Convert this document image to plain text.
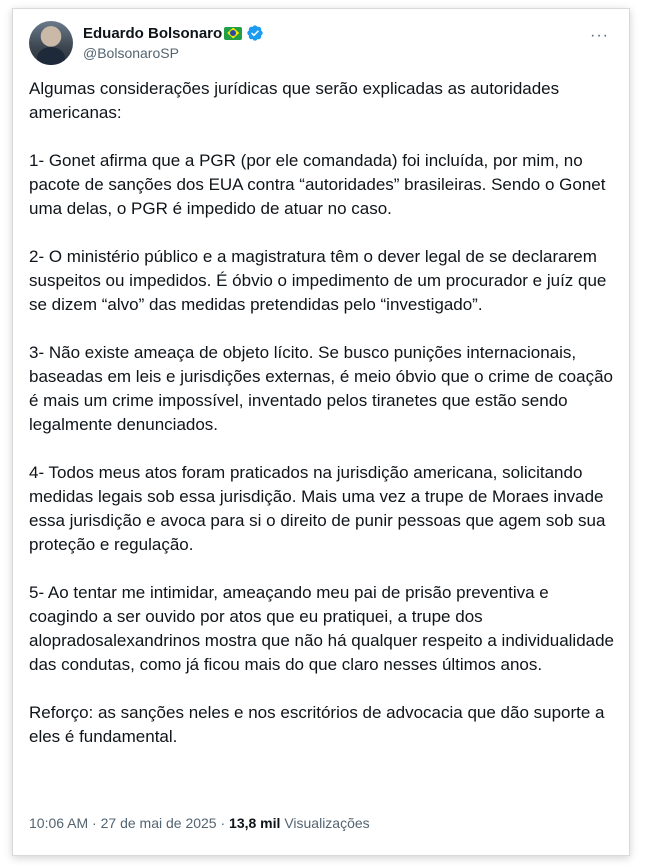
Eduardo Bolsonaro
@BolsonaroSP
···

Algumas considerações jurídicas que serão explicadas as autoridades americanas:

1- Gonet afirma que a PGR (por ele comandada) foi incluída, por mim, no pacote de sanções dos EUA contra “autoridades” brasileiras. Sendo o Gonet uma delas, o PGR é impedido de atuar no caso.

2- O ministério público e a magistratura têm o dever legal de se declararem suspeitos ou impedidos. É óbvio o impedimento de um procurador e juíz que se dizem “alvo” das medidas pretendidas pelo “investigado”.

3- Não existe ameaça de objeto lícito. Se busco punições internacionais, baseadas em leis e jurisdições externas, é meio óbvio que o crime de coação é mais um crime impossível, inventado pelos tiranetes que estão sendo legalmente denunciados.

4- Todos meus atos foram praticados na jurisdição americana, solicitando medidas legais sob essa jurisdição. Mais uma vez a trupe de Moraes invade essa jurisdição e avoca para si o direito de punir pessoas que agem sob sua proteção e regulação.

5- Ao tentar me intimidar, ameaçando meu pai de prisão preventiva e coagindo a ser ouvido por atos que eu pratiquei, a trupe dos alopradosalexandrinos mostra que não há qualquer respeito a individualidade das condutas, como já ficou mais do que claro nesses últimos anos.

Reforço: as sanções neles e nos escritórios de advocacia que dão suporte a eles é fundamental.

10:06 AM · 27 de mai de 2025 · 13,8 mil Visualizações
